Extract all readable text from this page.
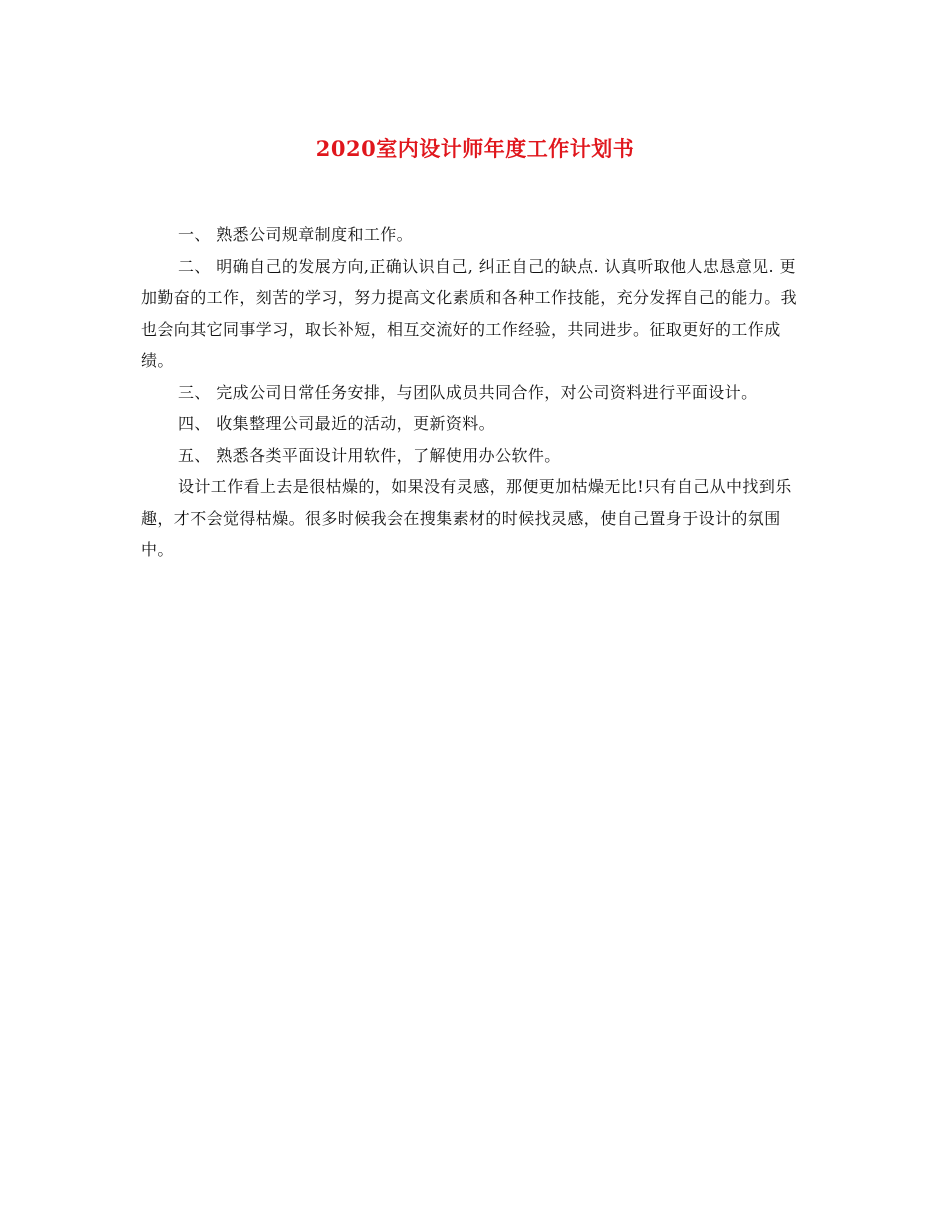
2020室内设计师年度工作计划书

一、 熟悉公司规章制度和工作。

二、 明确自己的发展方向,正确认识自己, 纠正自己的缺点. 认真听取他人忠恳意见. 更加勤奋的工作，刻苦的学习，努力提高文化素质和各种工作技能，充分发挥自己的能力。我也会向其它同事学习，取长补短，相互交流好的工作经验，共同进步。征取更好的工作成绩。

三、 完成公司日常任务安排，与团队成员共同合作，对公司资料进行平面设计。

四、 收集整理公司最近的活动，更新资料。

五、 熟悉各类平面设计用软件，了解使用办公软件。

设计工作看上去是很枯燥的，如果没有灵感，那便更加枯燥无比!只有自己从中找到乐趣，才不会觉得枯燥。很多时候我会在搜集素材的时候找灵感，使自己置身于设计的氛围中。
